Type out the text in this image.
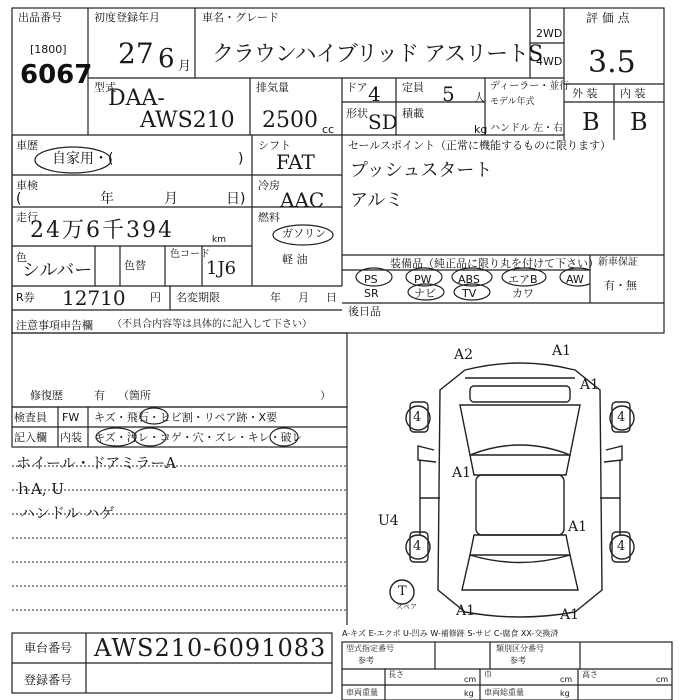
出品番号
[1800]
6067
初度登録年月
27 6 月
車名・グレード
クラウンハイブリッド アスリートS
2WD
4WD
評 価 点
3.5
型式
DAA-
AWS210
排気量
2500 cc
ドア 4 定員 5 人
形状 SD 積載
kg
ディーラー・並行
モデル年式
ハンドル 左・右
外 装 内 装
B B
車歴
自家用・(	)
車検
(	年	月	日)
走行
24万6千394	km
色
シルバー	色替
色コード
1J6
R券 12710 円 名変期限	年 月 日
シフト
FAT
冷房
AAC
燃料
ガソリン
軽 油
セールスポイント（正常に機能するものに限ります）
プッシュスタート
アルミ
装備品（純正品に限り丸を付けて下さい） 新車保証
有・無
PS	PW ABS	エアB	AW
SR	ナビ TV	カワ
後日品
注意事項申告欄 （不具合内容等は具体的に記入して下さい）
修復歴	有 （箇所	）
検査員
記入欄
FW キズ・飛石・ヒビ割・リペア跡・X要
内装 キズ・汚レ・コゲ・穴・ズレ・キレ・破レ
ホイール・ドアミラーA
ｈA, U
ハンドル ハゲ
A2	A1
A1
A1
U4	A1
A1	A1
4	4
4	4
T
スペア
A-キズ E-エクボ U-凹み W-補修跡 S-サビ C-腐食 XX-交換済
車台番号 AWS210-6091083
登録番号
型式指定番号
参考
類別区分番号
参考
長さ
cm
巾
cm
高さ
cm
車両重量	kg 車両総重量	kg
